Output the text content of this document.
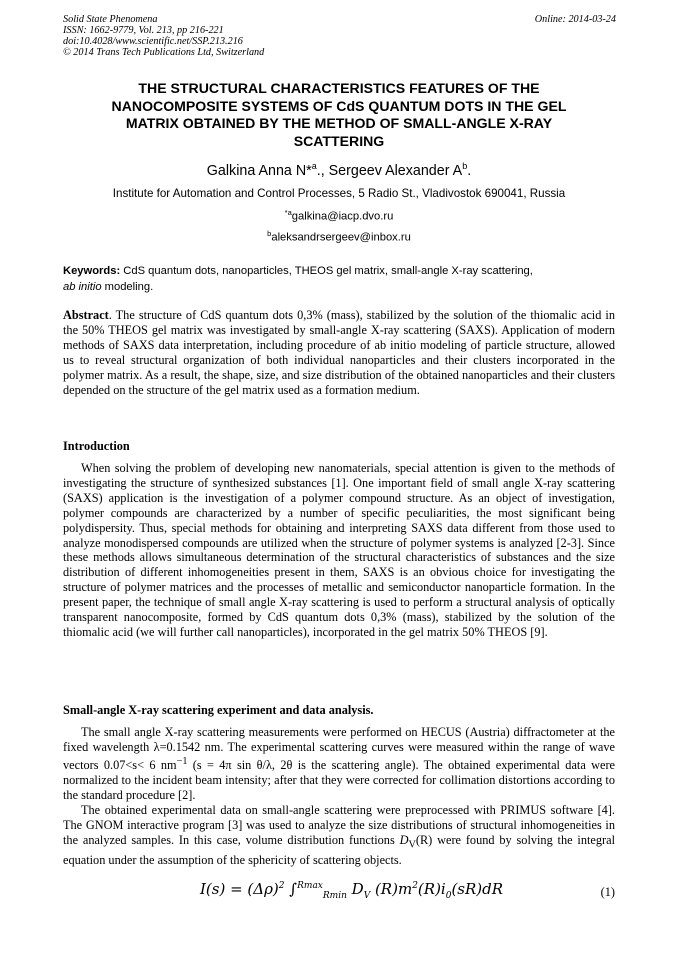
Solid State Phenomena
ISSN: 1662-9779, Vol. 213, pp 216-221
doi:10.4028/www.scientific.net/SSP.213.216
© 2014 Trans Tech Publications Ltd, Switzerland
Online: 2014-03-24
THE STRUCTURAL CHARACTERISTICS FEATURES OF THE
NANOCOMPOSITE SYSTEMS OF CdS QUANTUM DOTS IN THE GEL
MATRIX OBTAINED BY THE METHOD OF SMALL-ANGLE X-RAY
SCATTERING
Galkina Anna N*$^a$., Sergeev Alexander $A^b$.
Institute for Automation and Control Processes, 5 Radio St., Vladivostok 690041, Russia
$^{*a}$galkina@iacp.dvo.ru
$^b$aleksandrsergeev@inbox.ru
Keywords: CdS quantum dots, nanoparticles, THEOS gel matrix, small-angle X-ray scattering,
ab initio modeling.
Abstract. The structure of CdS quantum dots 0,3% (mass), stabilized by the solution of the thiomalic acid in the 50% THEOS gel matrix was investigated by small-angle X-ray scattering (SAXS). Application of modern methods of SAXS data interpretation, including procedure of ab initio modeling of particle structure, allowed us to reveal structural organization of both individual nanoparticles and their clusters incorporated in the polymer matrix. As a result, the shape, size, and size distribution of the obtained nanoparticles and their clusters depended on the structure of the gel matrix used as a formation medium.
Introduction
When solving the problem of developing new nanomaterials, special attention is given to the methods of investigating the structure of synthesized substances [1]. One important field of small angle X-ray scattering (SAXS) application is the investigation of a polymer compound structure. As an object of investigation, polymer compounds are characterized by a number of specific peculiarities, the most significant being polydispersity. Thus, special methods for obtaining and interpreting SAXS data different from those used to analyze monodispersed compounds are utilized when the structure of polymer systems is analyzed [2-3]. Since these methods allows simultaneous determination of the structural characteristics of substances and the size distribution of different inhomogeneities present in them, SAXS is an obvious choice for investigating the structure of polymer matrices and the processes of metallic and semiconductor nanoparticle formation. In the present paper, the technique of small angle X-ray scattering is used to perform a structural analysis of optically transparent nanocomposite, formed by CdS quantum dots 0,3% (mass), stabilized by the solution of the thiomalic acid (we will further call nanoparticles), incorporated in the gel matrix 50% THEOS [9].
Small-angle X-ray scattering experiment and data analysis.
The small angle X-ray scattering measurements were performed on HECUS (Austria) diffractometer at the fixed wavelength λ=0.1542 nm. The experimental scattering curves were measured within the range of wave vectors 0.07<s< 6 $nm^{-1}$ (s = 4π sin θ/λ, 2θ is the scattering angle). The obtained experimental data were normalized to the incident beam intensity; after that they were corrected for collimation distortions according to the standard procedure [2].
The obtained experimental data on small-angle scattering were preprocessed with PRIMUS software [4]. The GNOM interactive program [3] was used to analyze the size distributions of structural inhomogeneities in the analyzed samples. In this case, volume distribution functions $D_V(R)$ were found by solving the integral equation under the assumption of the sphericity of scattering objects.
$I(s) = (\Delta\rho)^2$ ∫$^{Rmax}_{Rmin}$ $D_V$ $(R)m^2(R)i_0(sR)dR$	(1)
